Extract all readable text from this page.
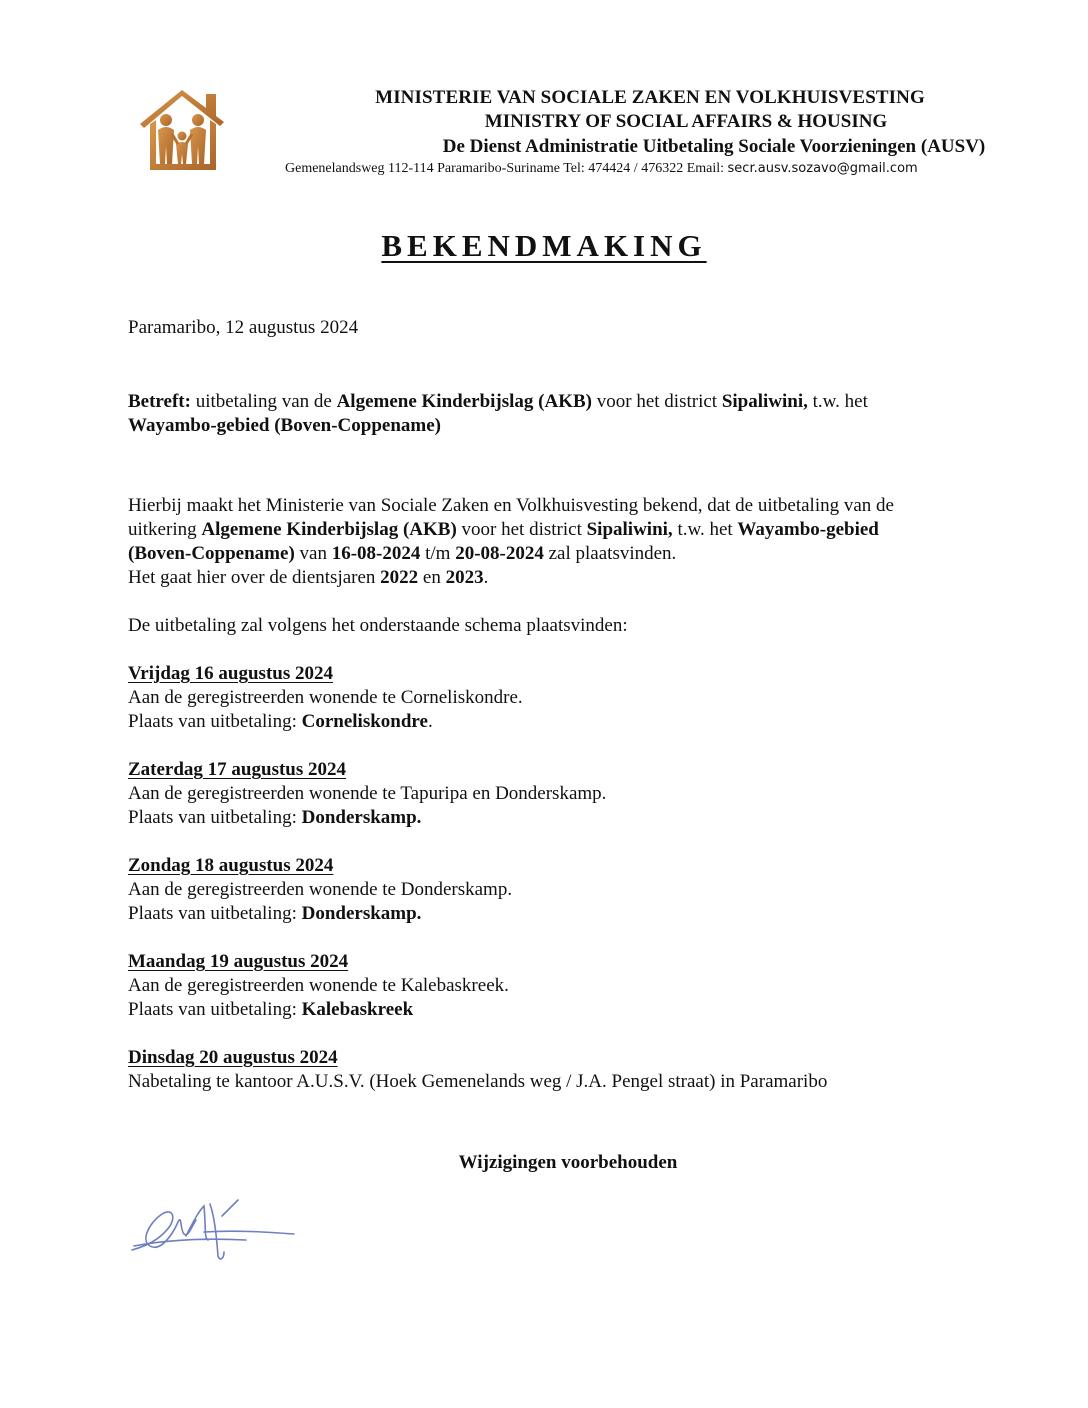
MINISTERIE VAN SOCIALE ZAKEN EN VOLKHUISVESTING
MINISTRY OF SOCIAL AFFAIRS & HOUSING
De Dienst Administratie Uitbetaling Sociale Voorzieningen (AUSV)
Gemenelandsweg 112-114 Paramaribo-Suriname Tel: 474424 / 476322 Email: secr.ausv.sozavo@gmail.com
BEKENDMAKING

Paramaribo, 12 augustus 2024

Betreft: uitbetaling van de Algemene Kinderbijslag (AKB) voor het district Sipaliwini, t.w. het
Wayambo-gebied (Boven-Coppename)

Hierbij maakt het Ministerie van Sociale Zaken en Volkhuisvesting bekend, dat de uitbetaling van de
uitkering Algemene Kinderbijslag (AKB) voor het district Sipaliwini, t.w. het Wayambo-gebied
(Boven-Coppename) van 16-08-2024 t/m 20-08-2024 zal plaatsvinden.
Het gaat hier over de dientsjaren 2022 en 2023.

De uitbetaling zal volgens het onderstaande schema plaatsvinden:

Vrijdag 16 augustus 2024
Aan de geregistreerden wonende te Corneliskondre.
Plaats van uitbetaling: Corneliskondre.
Zaterdag 17 augustus 2024
Aan de geregistreerden wonende te Tapuripa en Donderskamp.
Plaats van uitbetaling: Donderskamp.
Zondag 18 augustus 2024
Aan de geregistreerden wonende te Donderskamp.
Plaats van uitbetaling: Donderskamp.
Maandag 19 augustus 2024
Aan de geregistreerden wonende te Kalebaskreek.
Plaats van uitbetaling: Kalebaskreek
Dinsdag 20 augustus 2024
Nabetaling te kantoor A.U.S.V. (Hoek Gemenelands weg / J.A. Pengel straat) in Paramaribo
Wijzigingen voorbehouden
